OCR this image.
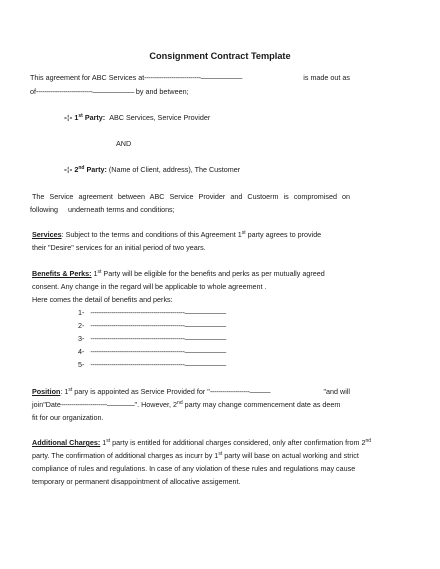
Consignment Contract Template
This agreement for ABC Services at---------------------------——————	is made out as
of---------------------------—————— by and between;
-¦- 1st Party: ABC Services, Service Provider
AND
-¦- 2nd Party: (Name of Client, address), The Customer
The Service agreement between ABC Service Provider and Custoerm is compromised on
following underneath terms and conditions;
Services: Subject to the terms and conditions of this Agreement 1st party agrees to provide
their "Desire" services for an initial period of two years.
Benefits & Perks: 1st Party will be eligible for the benefits and perks as per mutually agreed
consent. Any change in the regard will be applicable to whole agreement .
Here comes the detail of benefits and perks:
1- ---------------------------------------------——————
2- ---------------------------------------------——————
3- ---------------------------------------------——————
4- ---------------------------------------------——————
5- ---------------------------------------------——————
Position: 1st pary is appointed as Service Provided for "-------------------———	"and will
join"Date----------------------————". However, 2nd party may change commencement date as deem
fit for our organization.
Additional Charges: 1st party is entitled for additional charges considered, only after confirmation from 2nd
party. The confirmation of additional charges as incurr by 1st party will base on actual working and strict
compliance of rules and regulations. In case of any violation of these rules and regulations may cause
temporary or permanent disappointment of allocative assigement.
